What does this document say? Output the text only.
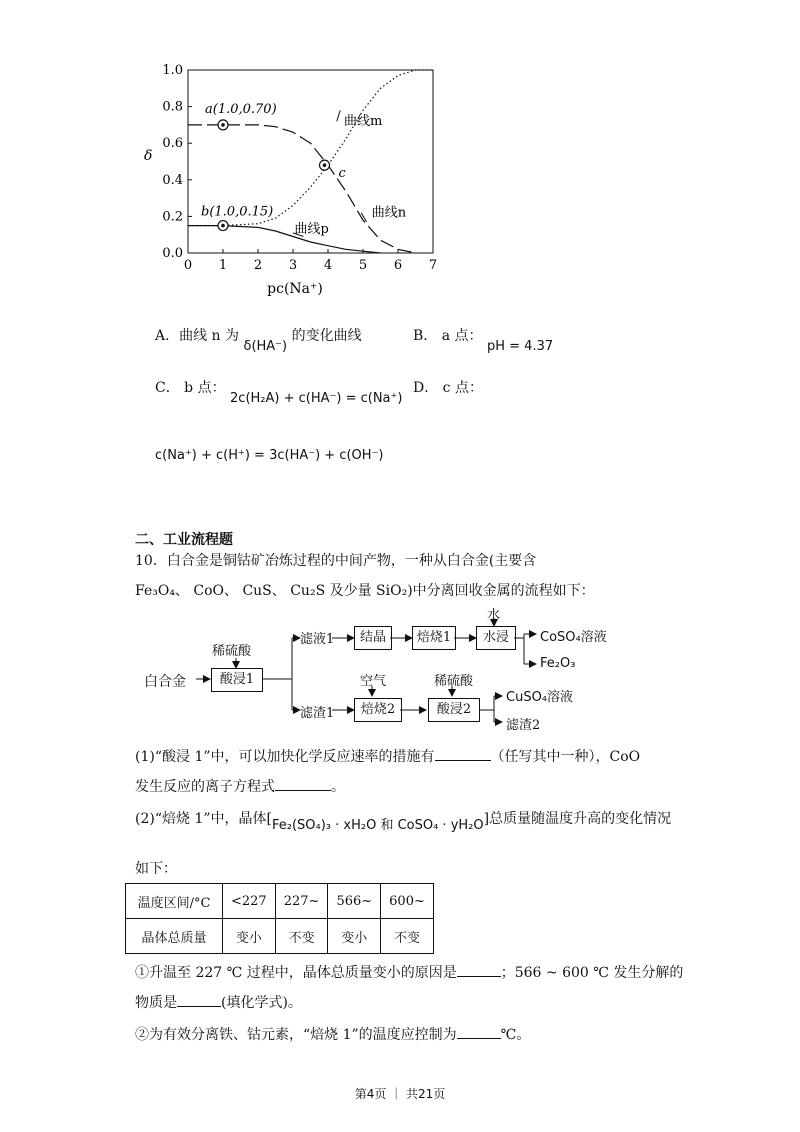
0 1 2 3 4 5 6 7
0.0
0.2
0.4
0.6
0.8
1.0
曲线m
曲线n
曲线p
a(1.0,0.70)
b(1.0,0.15)
c
δ
pc(Na⁺)
A．曲线 n 为 δ(HA⁻) 的变化曲线	B． a 点： pH = 4.37
C． b 点： 2c(H₂A) + c(HA⁻) = c(Na⁺)
D． c 点：
c(Na⁺) + c(H⁺) = 3c(HA⁻) + c(OH⁻)
二、工业流程题
10．白合金是铜钴矿冶炼过程的中间产物，一种从白合金(主要含
Fe₃O₄、 CoO、 CuS、 Cu₂S 及少量 SiO₂)中分离回收金属的流程如下：
白合金
稀硫酸
酸浸1
滤液1	结晶	焙烧1
水
水浸	CoSO₄溶液
Fe₂O₃
滤渣1
空气
焙烧2
稀硫酸
酸浸2
CuSO₄溶液
滤渣2
(1)“酸浸 1”中，可以加快化学反应速率的措施有	（任写其中一种），CoO
发生反应的离子方程式	。
(2)“焙烧 1”中，晶体[Fe₂(SO₄)₃ · xH₂O 和 CoSO₄ · yH₂O]总质量随温度升高的变化情况
如下：
温度区间/°C	<227	227~	566~	600~
晶体总质量	变小	不变	变小	不变
①升温至 227 ℃ 过程中，晶体总质量变小的原因是	；566 ~ 600 ℃ 发生分解的
物质是	(填化学式)。
②为有效分离铁、钴元素，“焙烧 1”的温度应控制为	℃。
第4页 ｜ 共21页
